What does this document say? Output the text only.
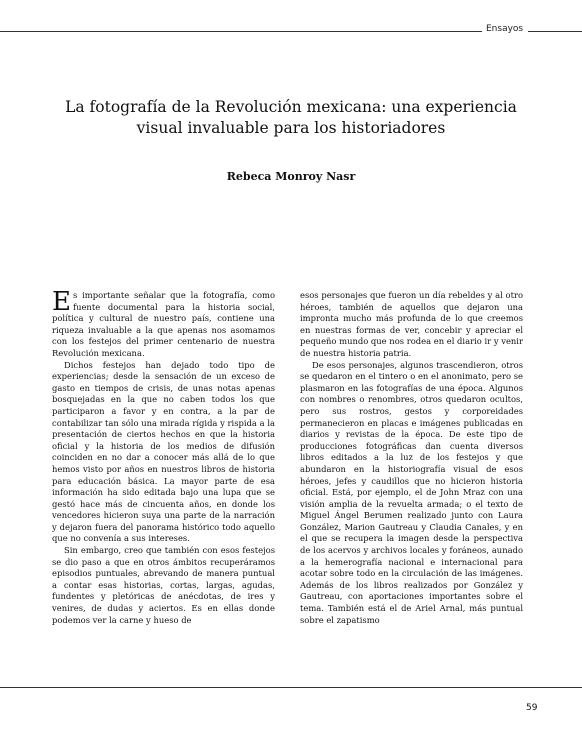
Ensayos
La fotografía de la Revolución mexicana: una experiencia visual invaluable para los historiadores
Rebeca Monroy Nasr

Es importante señalar que la fotografía, como fuente documental para la historia social, política y cultural de nuestro país, contiene una riqueza invaluable a la que apenas nos asomamos con los festejos del primer centenario de nuestra Revolución mexicana.

Dichos festejos han dejado todo tipo de experiencias; desde la sensación de un exceso de gasto en tiempos de crisis, de unas notas apenas bosquejadas en la que no caben todos los que participaron a favor y en contra, a la par de contabilizar tan sólo una mirada rígida y rispida a la presentación de ciertos hechos en que la historia oficial y la historia de los medios de difusión coinciden en no dar a conocer más allá de lo que hemos visto por años en nuestros libros de historia para educación básica. La mayor parte de esa información ha sido editada bajo una lupa que se gestó hace más de cincuenta años, en donde los vencedores hicieron suya una parte de la narración y dejaron fuera del panorama histórico todo aquello que no convenía a sus intereses.

Sin embargo, creo que también con esos festejos se dio paso a que en otros ámbitos recuperáramos episodios puntuales, abrevando de manera puntual a contar esas historias, cortas, largas, agudas, fundentes y pletóricas de anécdotas, de ires y venires, de dudas y aciertos. Es en ellas donde podemos ver la carne y hueso de

esos personajes que fueron un día rebeldes y al otro héroes, también de aquellos que dejaron una impronta mucho más profunda de lo que creemos en nuestras formas de ver, concebir y apreciar el pequeño mundo que nos rodea en el diario ir y venir de nuestra historia patria.

De esos personajes, algunos trascendieron, otros se quedaron en el tintero o en el anonimato, pero se plasmaron en las fotografías de una época. Algunos con nombres o renombres, otros quedaron ocultos, pero sus rostros, gestos y corporeidades permanecieron en placas e imágenes publicadas en diarios y revistas de la época. De este tipo de producciones fotográficas dan cuenta diversos libros editados a la luz de los festejos y que abundaron en la historiografía visual de esos héroes, jefes y caudillos que no hicieron historia oficial. Está, por ejemplo, el de John Mraz con una visión amplia de la revuelta armada; o el texto de Miguel Ángel Berumen realizado junto con Laura González, Marion Gautreau y Claudia Canales, y en el que se recupera la imagen desde la perspectiva de los acervos y archivos locales y foráneos, aunado a la hemerografía nacional e internacional para acotar sobre todo en la circulación de las imágenes. Además de los libros realizados por González y Gautreau, con aportaciones importantes sobre el tema. También está el de Ariel Arnal, más puntual sobre el zapatismo

59
